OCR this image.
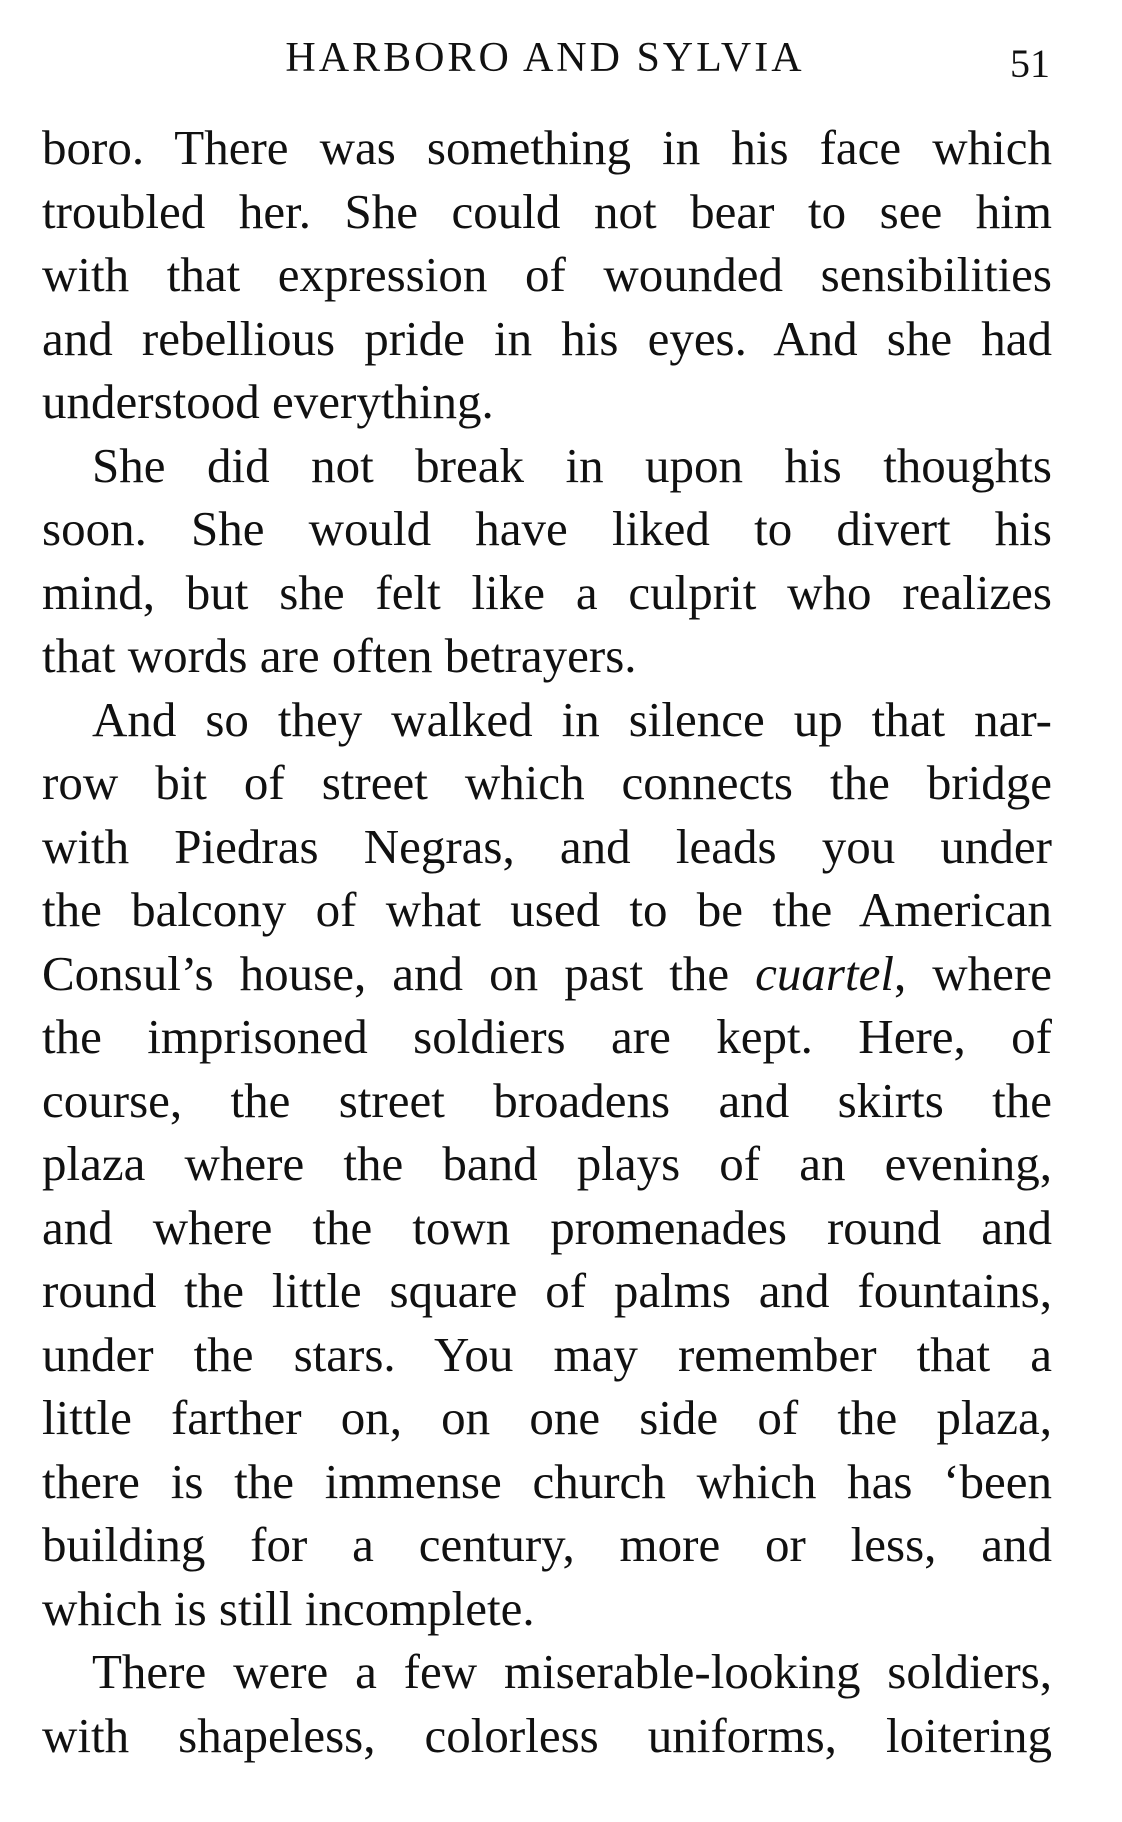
HARBORO AND SYLVIA	51
boro. There was something in his face which
troubled her. She could not bear to see him
with that expression of wounded sensibilities
and rebellious pride in his eyes. And she had
understood everything.
She did not break in upon his thoughts
soon. She would have liked to divert his
mind, but she felt like a culprit who realizes
that words are often betrayers.
And so they walked in silence up that nar-
row bit of street which connects the bridge
with Piedras Negras, and leads you under
the balcony of what used to be the American
Consul’s house, and on past the cuartel, where
the imprisoned soldiers are kept. Here, of
course, the street broadens and skirts the
plaza where the band plays of an evening,
and where the town promenades round and
round the little square of palms and fountains,
under the stars. You may remember that a
little farther on, on one side of the plaza,
there is the immense church which has ‘been
building for a century, more or less, and
which is still incomplete.
There were a few miserable-looking soldiers,
with shapeless, colorless uniforms, loitering
